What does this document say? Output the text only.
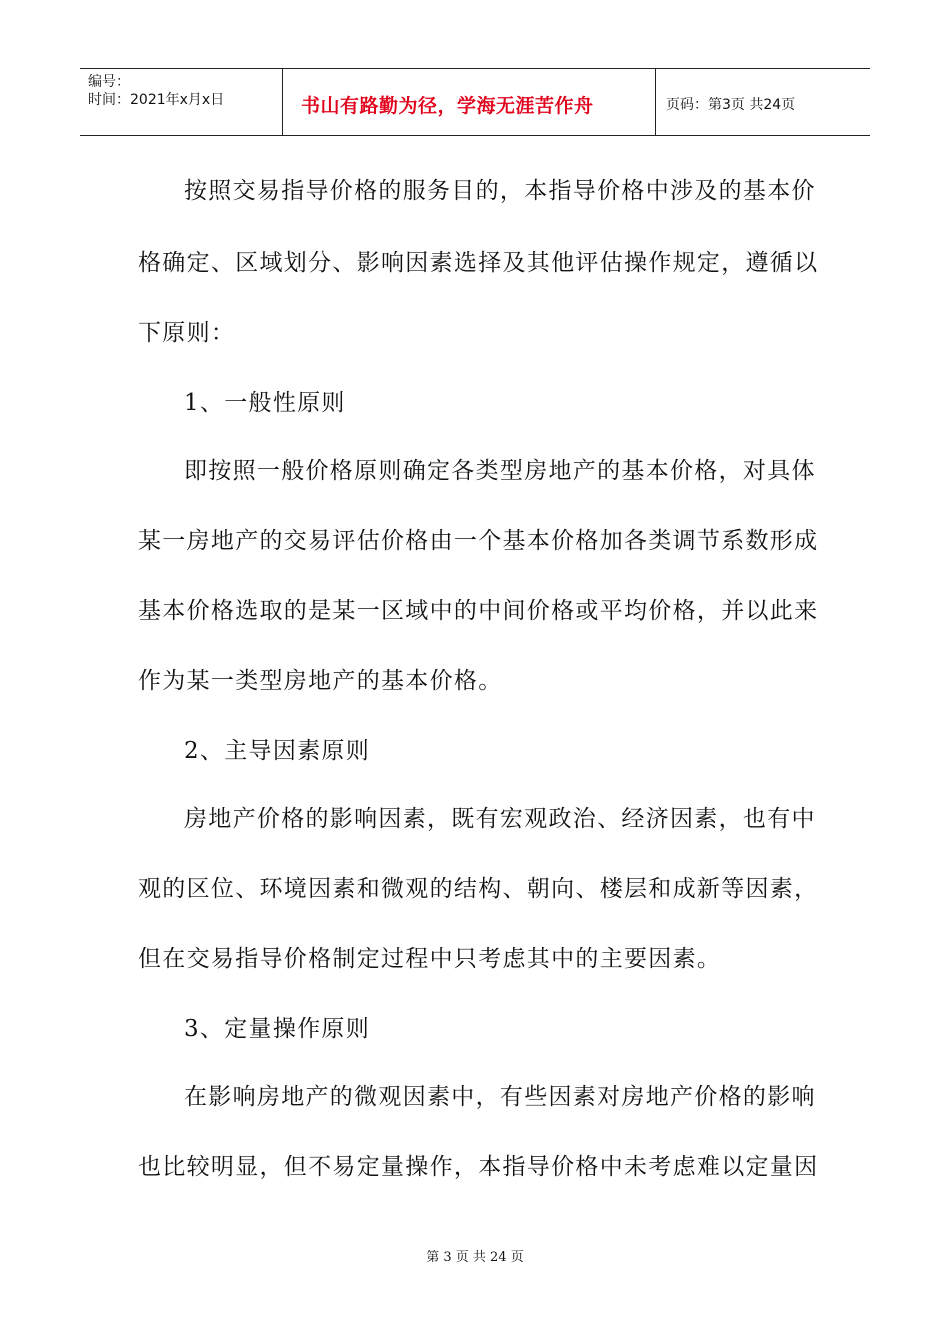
编号：
时间：2021年x月x日	书山有路勤为径，学海无涯苦作舟	页码：第3页 共24页
按照交易指导价格的服务目的，本指导价格中涉及的基本价
格确定、区域划分、影响因素选择及其他评估操作规定，遵循以
下原则：
1、一般性原则
即按照一般价格原则确定各类型房地产的基本价格，对具体
某一房地产的交易评估价格由一个基本价格加各类调节系数形成
基本价格选取的是某一区域中的中间价格或平均价格，并以此来
作为某一类型房地产的基本价格。
2、主导因素原则
房地产价格的影响因素，既有宏观政治、经济因素，也有中
观的区位、环境因素和微观的结构、朝向、楼层和成新等因素，
但在交易指导价格制定过程中只考虑其中的主要因素。
3、定量操作原则
在影响房地产的微观因素中，有些因素对房地产价格的影响
也比较明显，但不易定量操作，本指导价格中未考虑难以定量因
第 3 页 共 24 页
